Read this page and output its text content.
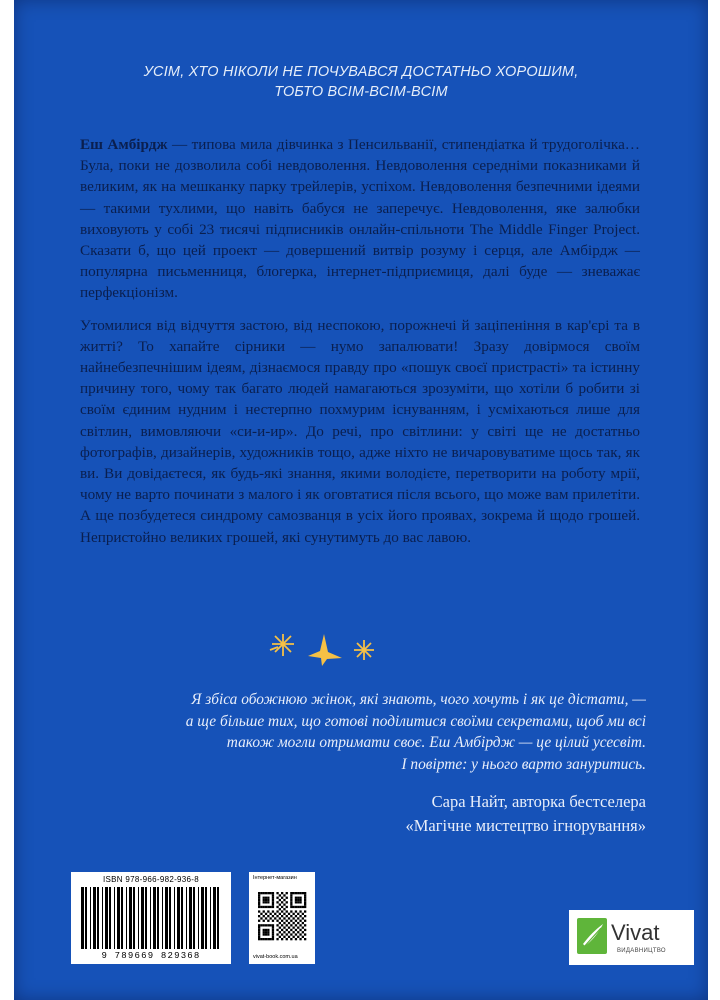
УСІМ, ХТО НІКОЛИ НЕ ПОЧУВАВСЯ ДОСТАТНЬО ХОРОШИМ,
ТОБТО ВСІМ-ВСІМ-ВСІМ

Еш Амбірдж — типова мила дівчинка з Пенсильванії, стипендіатка й трудоголічка… Була, поки не дозволила собі невдоволення. Невдоволення середніми показниками й великим, як на мешканку парку трейлерів, успіхом. Невдоволення безпечними ідеями — такими тухлими, що навіть бабуся не заперечує. Невдоволення, яке залюбки виховують у собі 23 тисячі підписників онлайн-спільноти The Middle Finger Project. Сказати б, що цей проект — довершений витвір розуму і серця, але Амбірдж — популярна письменниця, блогерка, інтернет-підприємиця, далі буде — зневажає перфекціонізм.

Утомилися від відчуття застою, від неспокою, порожнечі й заціпеніння в кар'єрі та в житті? То хапайте сірники — нумо запалювати! Зразу довірмося своїм найнебезпечнішим ідеям, дізнаємося правду про «пошук своєї пристрасті» та істинну причину того, чому так багато людей намагаються зрозуміти, що хотіли б робити зі своїм єдиним нудним і нестерпно похмурим існуванням, і усміхаються лише для світлин, вимовляючи «си-и-ир». До речі, про світлини: у світі ще не достатньо фотографів, дизайнерів, художників тощо, адже ніхто не вичаровуватиме щось так, як ви. Ви довідаєтеся, як будь-які знання, якими володієте, перетворити на роботу мрії, чому не варто починати з малого і як оговтатися після всього, що може вам прилетіти. А ще позбудетеся синдрому самозванця в усіх його проявах, зокрема й щодо грошей. Непристойно великих грошей, які сунутимуть до вас лавою.

Я збіса обожнюю жінок, які знають, чого хочуть і як це дістати, —
а ще більше тих, що готові поділитися своїми секретами, щоб ми всі
також могли отримати своє. Еш Амбірдж — це цілий усесвіт.
І повірте: у нього варто зануритись.
Сара Найт, авторка бестселера
«Магічне мистецтво ігнорування»
ISBN 978-966-982-936-8
9 789669 829368
Інтернет-магазин
vivat-book.com.ua
Vivat
ВИДАВНИЦТВО
